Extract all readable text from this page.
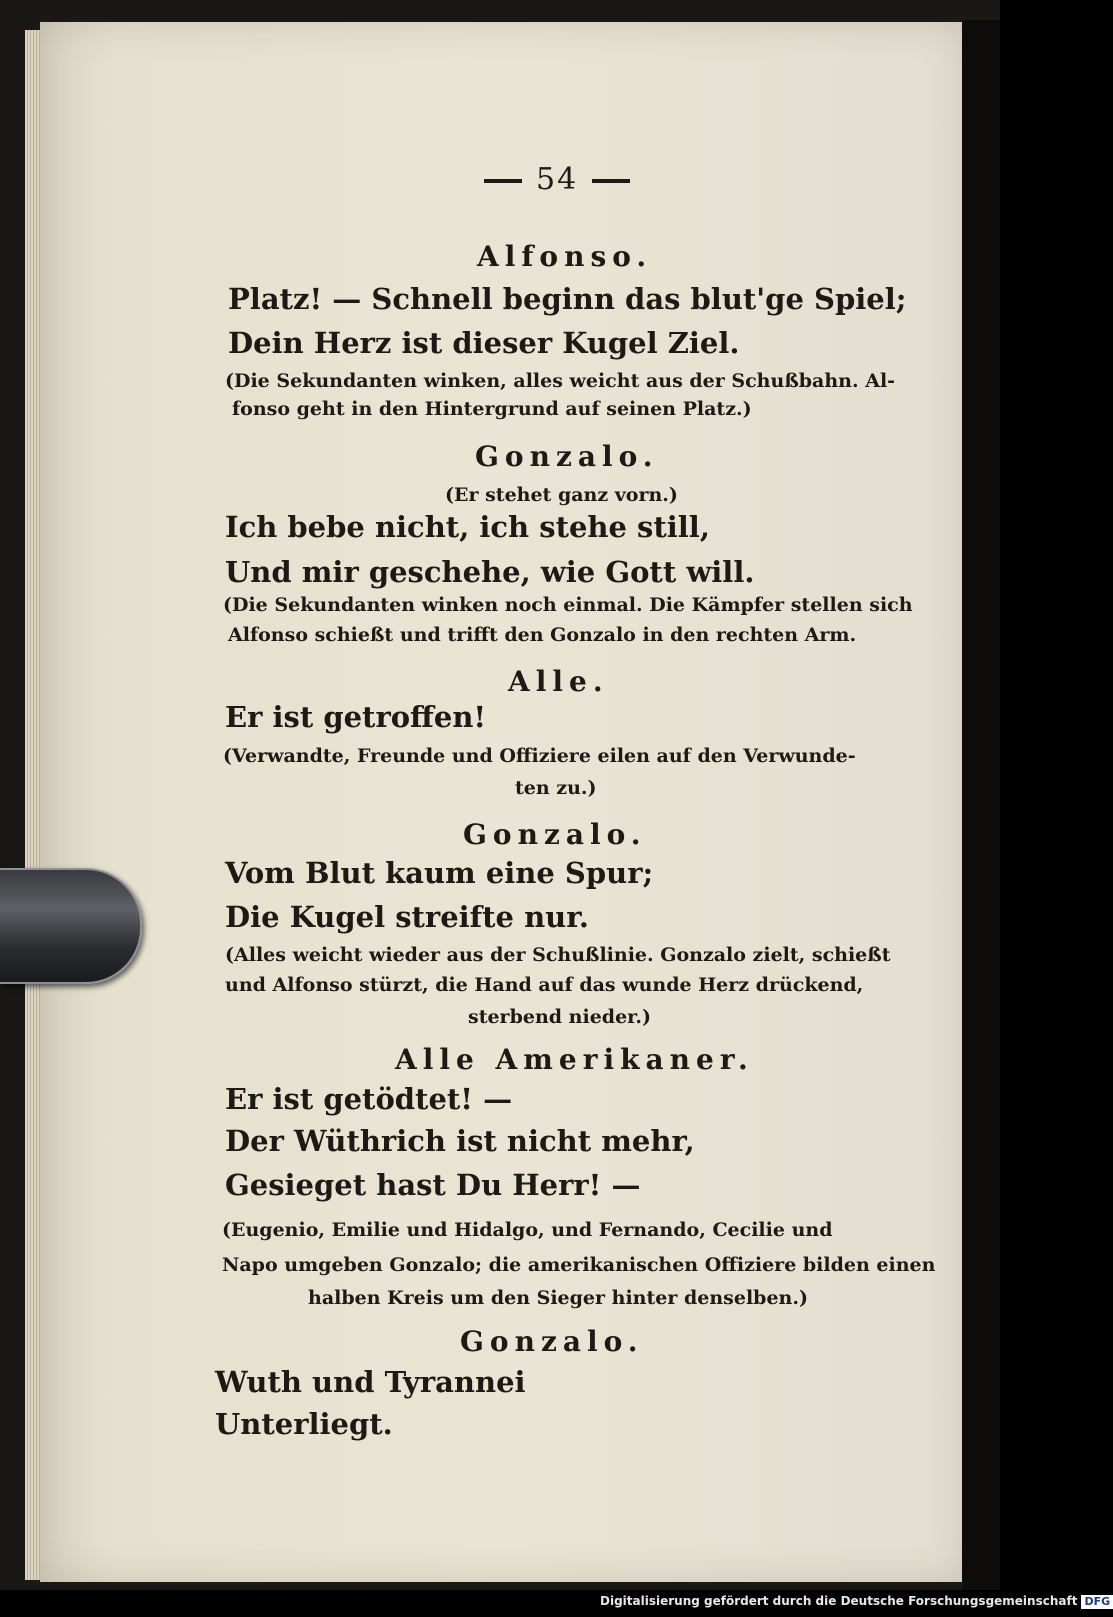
54

Alfonso.

Platz! — Schnell beginn das blut'ge Spiel;

Dein Herz ist dieser Kugel Ziel.

(Die Sekundanten winken, alles weicht aus der Schußbahn. Al-

fonso geht in den Hintergrund auf seinen Platz.)

Gonzalo.

(Er stehet ganz vorn.)

Ich bebe nicht, ich stehe still,

Und mir geschehe, wie Gott will.

(Die Sekundanten winken noch einmal. Die Kämpfer stellen sich

Alfonso schießt und trifft den Gonzalo in den rechten Arm.

Alle.

Er ist getroffen!

(Verwandte, Freunde und Offiziere eilen auf den Verwunde-

ten zu.)

Gonzalo.

Vom Blut kaum eine Spur;

Die Kugel streifte nur.

(Alles weicht wieder aus der Schußlinie. Gonzalo zielt, schießt

und Alfonso stürzt, die Hand auf das wunde Herz drückend,

sterbend nieder.)

Alle Amerikaner.

Er ist getödtet! —

Der Wüthrich ist nicht mehr,

Gesieget hast Du Herr! —

(Eugenio, Emilie und Hidalgo, und Fernando, Cecilie und

Napo umgeben Gonzalo; die amerikanischen Offiziere bilden einen

halben Kreis um den Sieger hinter denselben.)

Gonzalo.

Wuth und Tyrannei

Unterliegt.

Digitalisierung gefördert durch die Deutsche Forschungsgemeinschaft DFG
